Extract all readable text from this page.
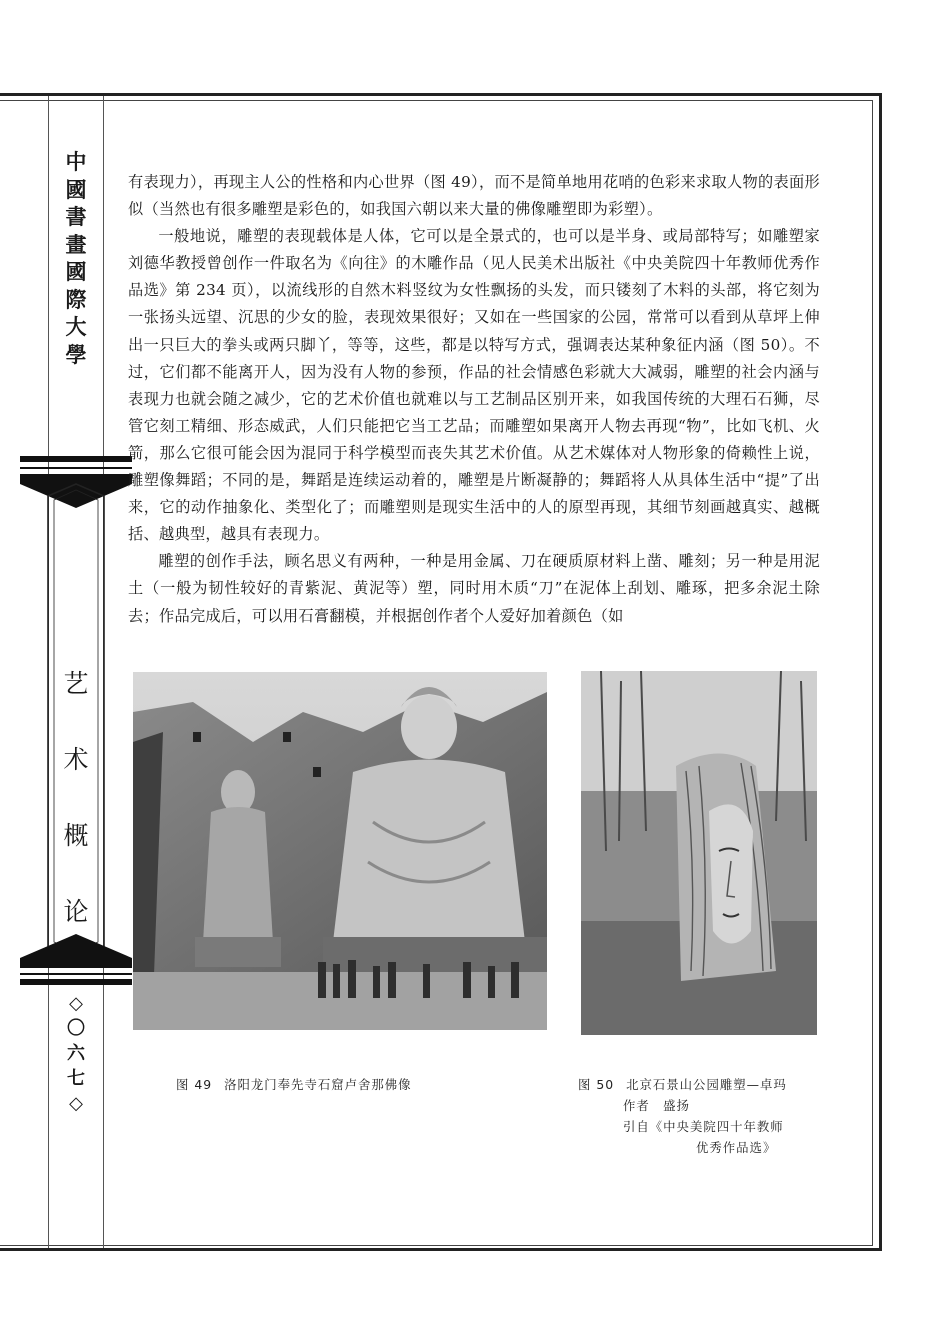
中
國
書
畫
國
際
大
學
艺
术
概
论
◇
〇
六
七
◇

有表现力），再现主人公的性格和内心世界（图 49），而不是简单地用花哨的色彩来求取人物的表面形似（当然也有很多雕塑是彩色的，如我国六朝以来大量的佛像雕塑即为彩塑）。

一般地说，雕塑的表现载体是人体，它可以是全景式的，也可以是半身、或局部特写；如雕塑家刘德华教授曾创作一件取名为《向往》的木雕作品（见人民美术出版社《中央美院四十年教师优秀作品选》第 234 页），以流线形的自然木料竖纹为女性飘扬的头发，而只镂刻了木料的头部，将它刻为一张扬头远望、沉思的少女的脸，表现效果很好；又如在一些国家的公园，常常可以看到从草坪上伸出一只巨大的拳头或两只脚丫，等等，这些，都是以特写方式，强调表达某种象征内涵（图 50）。不过，它们都不能离开人，因为没有人物的参预，作品的社会情感色彩就大大减弱，雕塑的社会内涵与表现力也就会随之减少，它的艺术价值也就难以与工艺制品区别开来，如我国传统的大理石石狮，尽管它刻工精细、形态威武，人们只能把它当工艺品；而雕塑如果离开人物去再现“物”，比如飞机、火箭，那么它很可能会因为混同于科学模型而丧失其艺术价值。从艺术媒体对人物形象的倚赖性上说，雕塑像舞蹈；不同的是，舞蹈是连续运动着的，雕塑是片断凝静的；舞蹈将人从具体生活中“提”了出来，它的动作抽象化、类型化了；而雕塑则是现实生活中的人的原型再现，其细节刻画越真实、越概括、越典型，越具有表现力。

雕塑的创作手法，顾名思义有两种，一种是用金属、刀在硬质原材料上凿、雕刻；另一种是用泥土（一般为韧性较好的青紫泥、黄泥等）塑，同时用木质“刀”在泥体上刮划、雕琢，把多余泥土除去；作品完成后，可以用石膏翻模，并根据创作者个人爱好加着颜色（如

图 49 洛阳龙门奉先寺石窟卢舍那佛像	图 50 北京石景山公园雕塑—卓玛
作者　盛扬
引自《中央美院四十年教师
优秀作品选》
